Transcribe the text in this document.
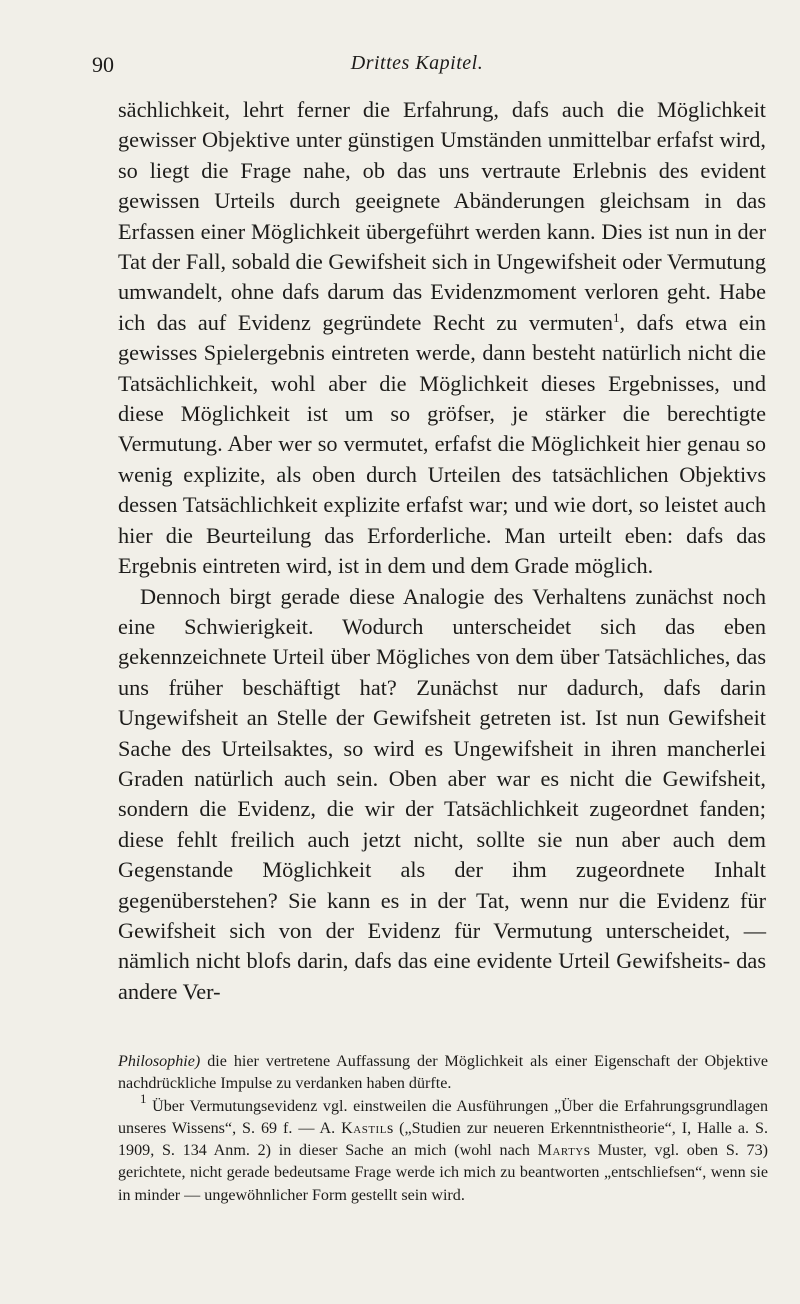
90	Drittes Kapitel.

sächlichkeit, lehrt ferner die Erfahrung, dafs auch die Möglichkeit gewisser Objektive unter günstigen Umständen unmittelbar erfafst wird, so liegt die Frage nahe, ob das uns vertraute Erlebnis des evident gewissen Urteils durch geeignete Abänderungen gleichsam in das Erfassen einer Möglichkeit übergeführt werden kann. Dies ist nun in der Tat der Fall, sobald die Gewifsheit sich in Ungewifsheit oder Vermutung umwandelt, ohne dafs darum das Evidenzmoment verloren geht. Habe ich das auf Evidenz gegründete Recht zu vermuten$^1$, dafs etwa ein gewisses Spielergebnis eintreten werde, dann besteht natürlich nicht die Tatsächlichkeit, wohl aber die Möglichkeit dieses Ergebnisses, und diese Möglichkeit ist um so gröfser, je stärker die berechtigte Vermutung. Aber wer so vermutet, erfafst die Möglichkeit hier genau so wenig explizite, als oben durch Urteilen des tatsächlichen Objektivs dessen Tatsächlichkeit explizite erfafst war; und wie dort, so leistet auch hier die Beurteilung das Erforderliche. Man urteilt eben: dafs das Ergebnis eintreten wird, ist in dem und dem Grade möglich.

Dennoch birgt gerade diese Analogie des Verhaltens zunächst noch eine Schwierigkeit. Wodurch unterscheidet sich das eben gekennzeichnete Urteil über Mögliches von dem über Tatsächliches, das uns früher beschäftigt hat? Zunächst nur dadurch, dafs darin Ungewifsheit an Stelle der Gewifsheit getreten ist. Ist nun Gewifsheit Sache des Urteilsaktes, so wird es Ungewifsheit in ihren mancherlei Graden natürlich auch sein. Oben aber war es nicht die Gewifsheit, sondern die Evidenz, die wir der Tatsächlichkeit zugeordnet fanden; diese fehlt freilich auch jetzt nicht, sollte sie nun aber auch dem Gegenstande Möglichkeit als der ihm zugeordnete Inhalt gegenüberstehen? Sie kann es in der Tat, wenn nur die Evidenz für Gewifsheit sich von der Evidenz für Vermutung unterscheidet, — nämlich nicht blofs darin, dafs das eine evidente Urteil Gewifsheits- das andere Ver-

Philosophie) die hier vertretene Auffassung der Möglichkeit als einer Eigenschaft der Objektive nachdrückliche Impulse zu verdanken haben dürfte.

$^1$ Über Vermutungsevidenz vgl. einstweilen die Ausführungen „Über die Erfahrungsgrundlagen unseres Wissens“, S. 69 f. — A. Kastils („Studien zur neueren Erkenntnistheorie“, I, Halle a. S. 1909, S. 134 Anm. 2) in dieser Sache an mich (wohl nach Martys Muster, vgl. oben S. 73) gerichtete, nicht gerade bedeutsame Frage werde ich mich zu beantworten „entschliefsen“, wenn sie in minder — ungewöhnlicher Form gestellt sein wird.
